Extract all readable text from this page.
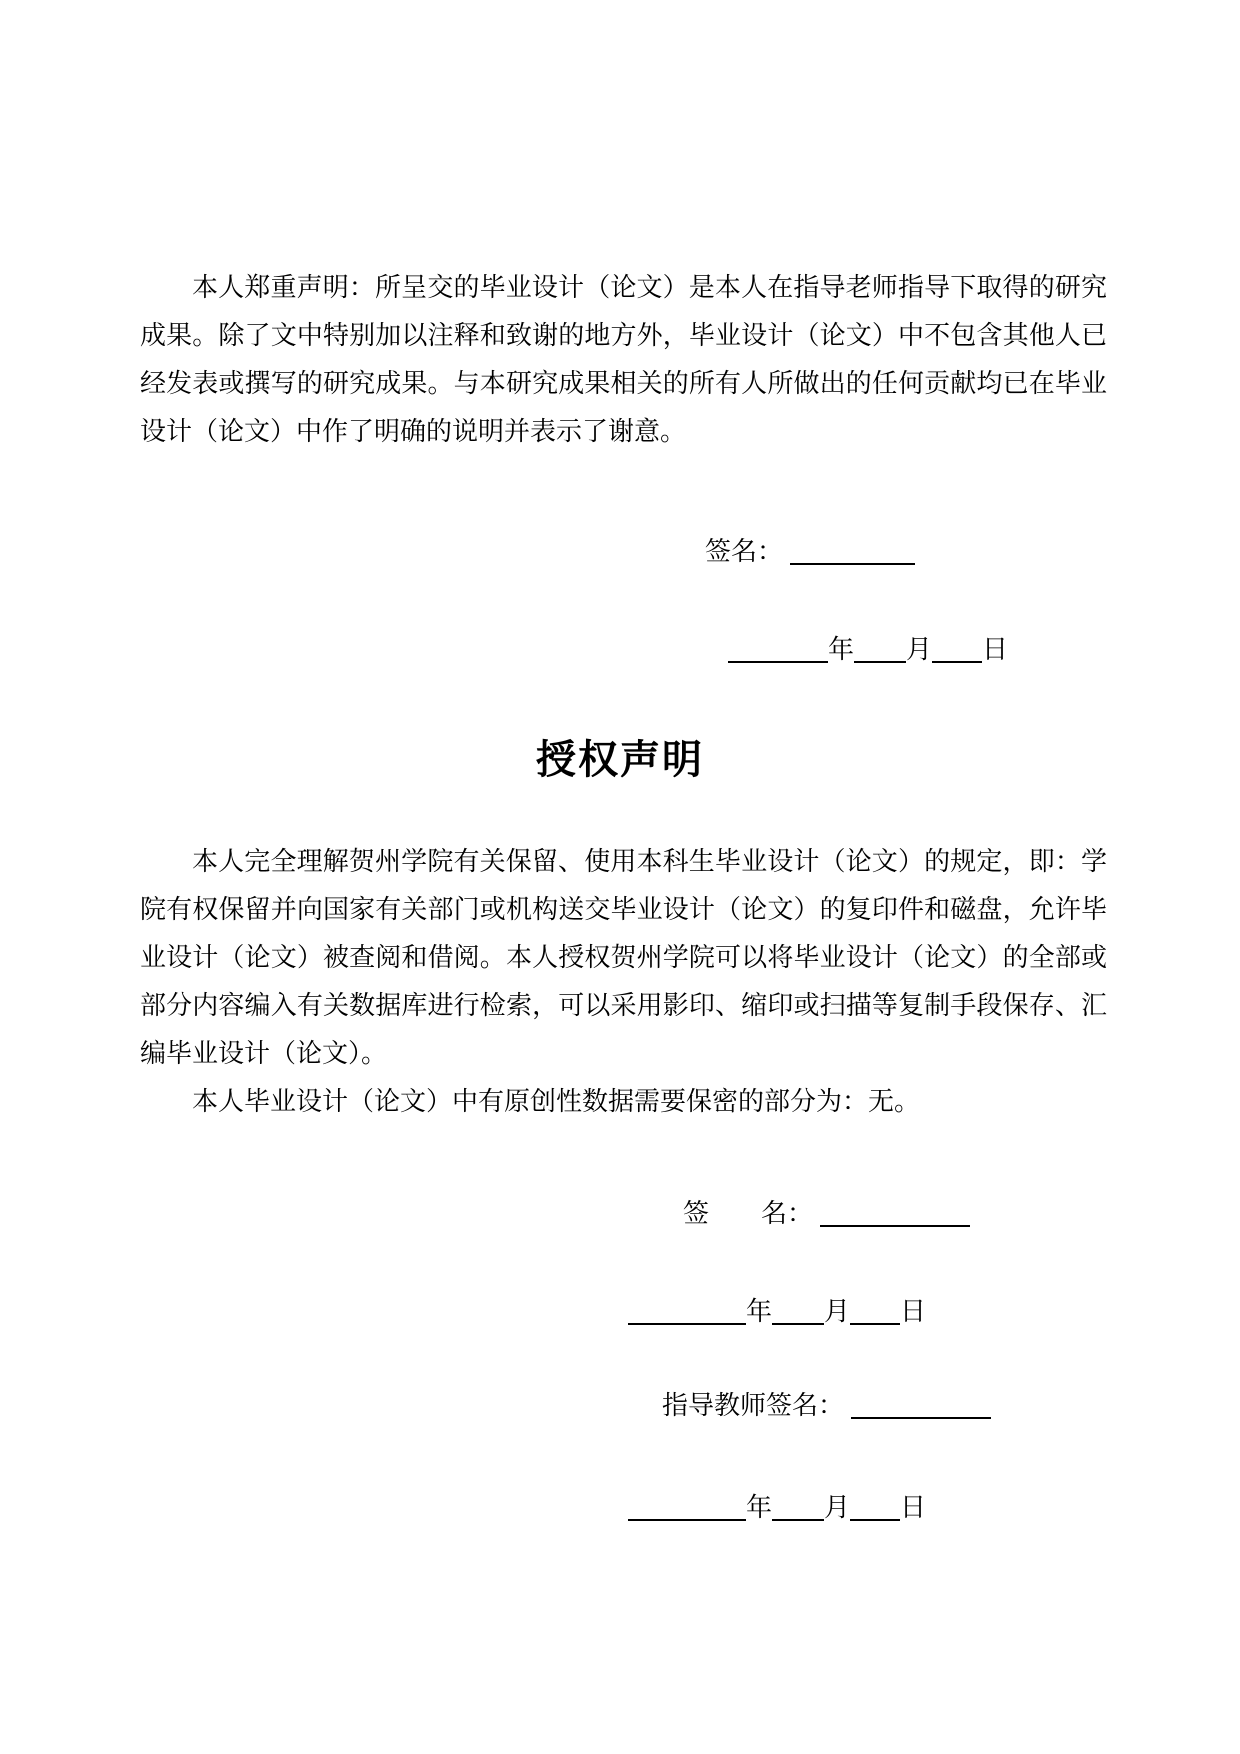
本人郑重声明：所呈交的毕业设计（论文）是本人在指导老师指导下取得的研究成果。除了文中特别加以注释和致谢的地方外，毕业设计（论文）中不包含其他人已经发表或撰写的研究成果。与本研究成果相关的所有人所做出的任何贡献均已在毕业设计（论文）中作了明确的说明并表示了谢意。

签名：
年 月 日
授权声明

本人完全理解贺州学院有关保留、使用本科生毕业设计（论文）的规定，即：学院有权保留并向国家有关部门或机构送交毕业设计（论文）的复印件和磁盘，允许毕业设计（论文）被查阅和借阅。本人授权贺州学院可以将毕业设计（论文）的全部或部分内容编入有关数据库进行检索，可以采用影印、缩印或扫描等复制手段保存、汇编毕业设计（论文）。

本人毕业设计（论文）中有原创性数据需要保密的部分为：无。

签 名：
年 月 日
指导教师签名：
年 月 日
